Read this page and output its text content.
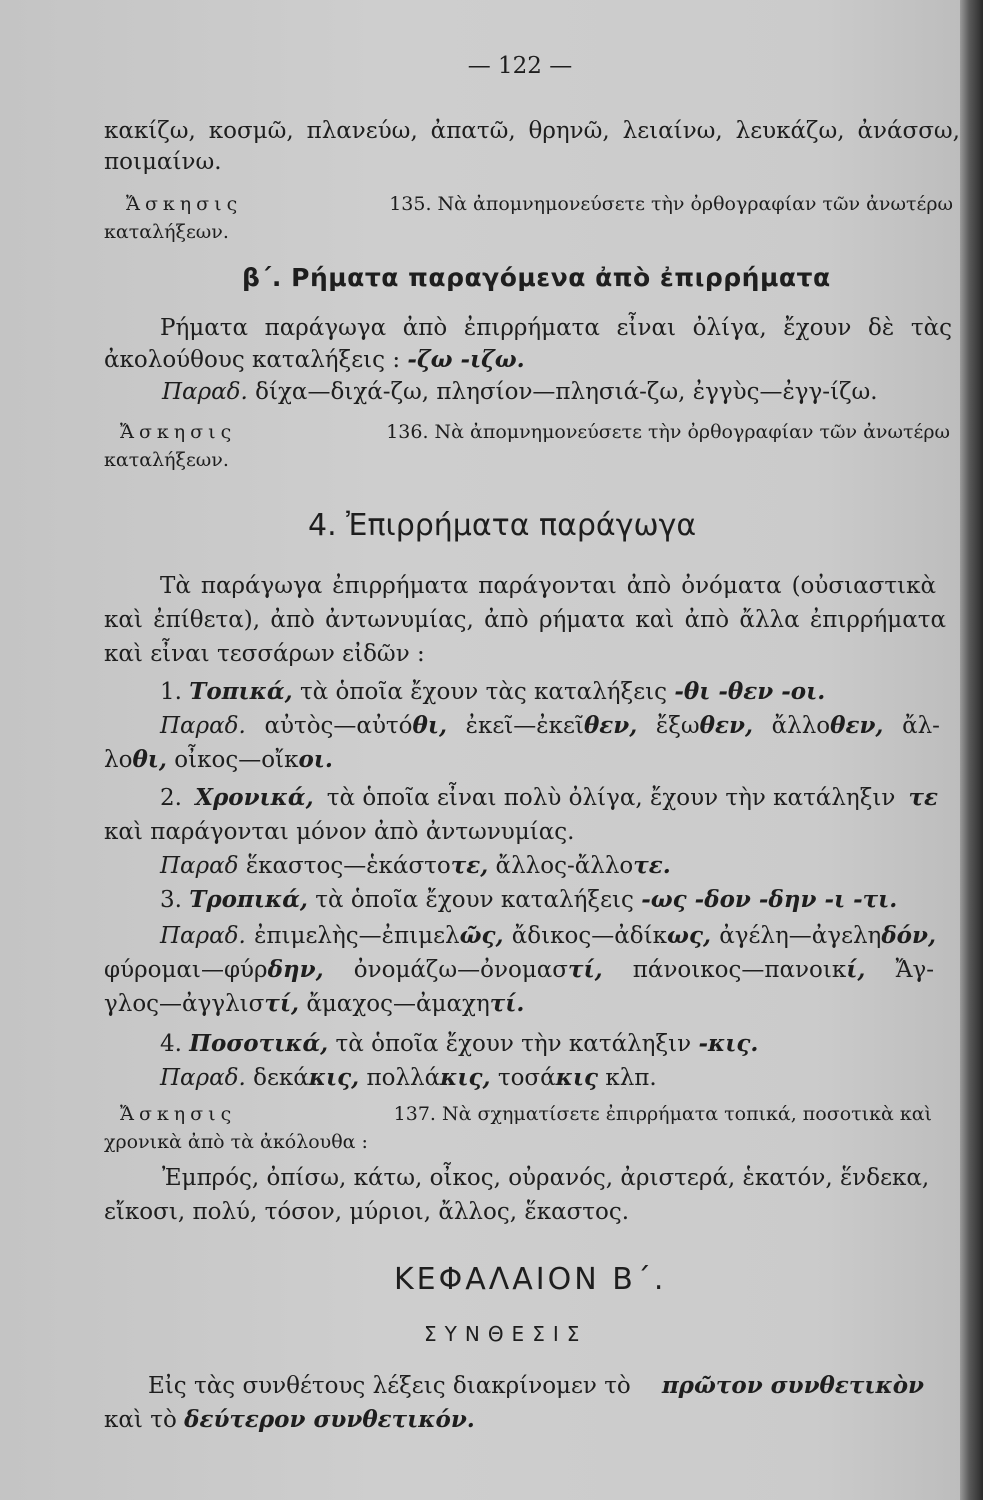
— 122 —

κακίζω, κοσμῶ, πλανεύω, ἀπατῶ, θρηνῶ, λειαίνω, λευκάζω, ἀνάσσω,

ποιμαίνω.

Ἄσκησις	135. Νὰ ἀπομνημονεύσετε τὴν ὀρθογραφίαν τῶν ἀνωτέρω

καταλήξεων.

β΄. Ρήματα παραγόμενα ἀπὸ ἐπιρρήματα

Ρήματα παράγωγα ἀπὸ ἐπιρρήματα εἶναι ὀλίγα, ἔχουν δὲ τὰς

ἀκολούθους καταλήξεις : -ζω -ιζω.

Παραδ. δίχα—διχά-ζω, πλησίον—πλησιά-ζω, ἐγγὺς—ἐγγ-ίζω.

Ἄσκησις	136. Νὰ ἀπομνημονεύσετε τὴν ὀρθογραφίαν τῶν ἀνωτέρω

καταλήξεων.

4. Ἐπιρρήματα παράγωγα

Τὰ παράγωγα ἐπιρρήματα παράγονται ἀπὸ ὀνόματα (οὐσιαστικὰ

καὶ ἐπίθετα), ἀπὸ ἀντωνυμίας, ἀπὸ ρήματα καὶ ἀπὸ ἄλλα ἐπιρρήματα

καὶ εἶναι τεσσάρων εἰδῶν :

1. Τοπικά, τὰ ὁποῖα ἔχουν τὰς καταλήξεις -θι -θεν -οι.

Παραδ. αὐτὸς—αὐτόθι, ἐκεῖ—ἐκεῖθεν, ἔξωθεν, ἄλλοθεν, ἄλ-

λοθι, οἶκος—οἴκοι.

2. Χρονικά, τὰ ὁποῖα εἶναι πολὺ ὀλίγα, ἔχουν τὴν κατάληξιν τε

καὶ παράγονται μόνον ἀπὸ ἀντωνυμίας.

Παραδ ἕκαστος—ἑκάστοτε, ἄλλος-ἄλλοτε.

3. Τροπικά, τὰ ὁποῖα ἔχουν καταλήξεις -ως -δον -δην -ι -τι.

Παραδ. ἐπιμελὴς—ἐπιμελῶς, ἄδικος—ἀδίκως, ἀγέλη—ἀγεληδόν,

φύρομαι—φύρδην, ὀνομάζω—ὀνομαστί, πάνοικος—πανοικί, Ἄγ-

γλος—ἀγγλιστί, ἄμαχος—ἀμαχητί.

4. Ποσοτικά, τὰ ὁποῖα ἔχουν τὴν κατάληξιν -κις.

Παραδ. δεκάκις, πολλάκις, τοσάκις κλπ.

Ἄσκησις	137. Νὰ σχηματίσετε ἐπιρρήματα τοπικά, ποσοτικὰ καὶ

χρονικὰ ἀπὸ τὰ ἀκόλουθα :

Ἐμπρός, ὀπίσω, κάτω, οἶκος, οὐρανός, ἀριστερά, ἑκατόν, ἕνδεκα,

εἴκοσι, πολύ, τόσον, μύριοι, ἄλλος, ἕκαστος.

ΚΕΦΑΛΑΙΟΝ Β΄.

ΣΥΝΘΕΣΙΣ

Εἰς τὰς συνθέτους λέξεις διακρίνομεν τὸ πρῶτον συνθετικὸν

καὶ τὸ δεύτερον συνθετικόν.
